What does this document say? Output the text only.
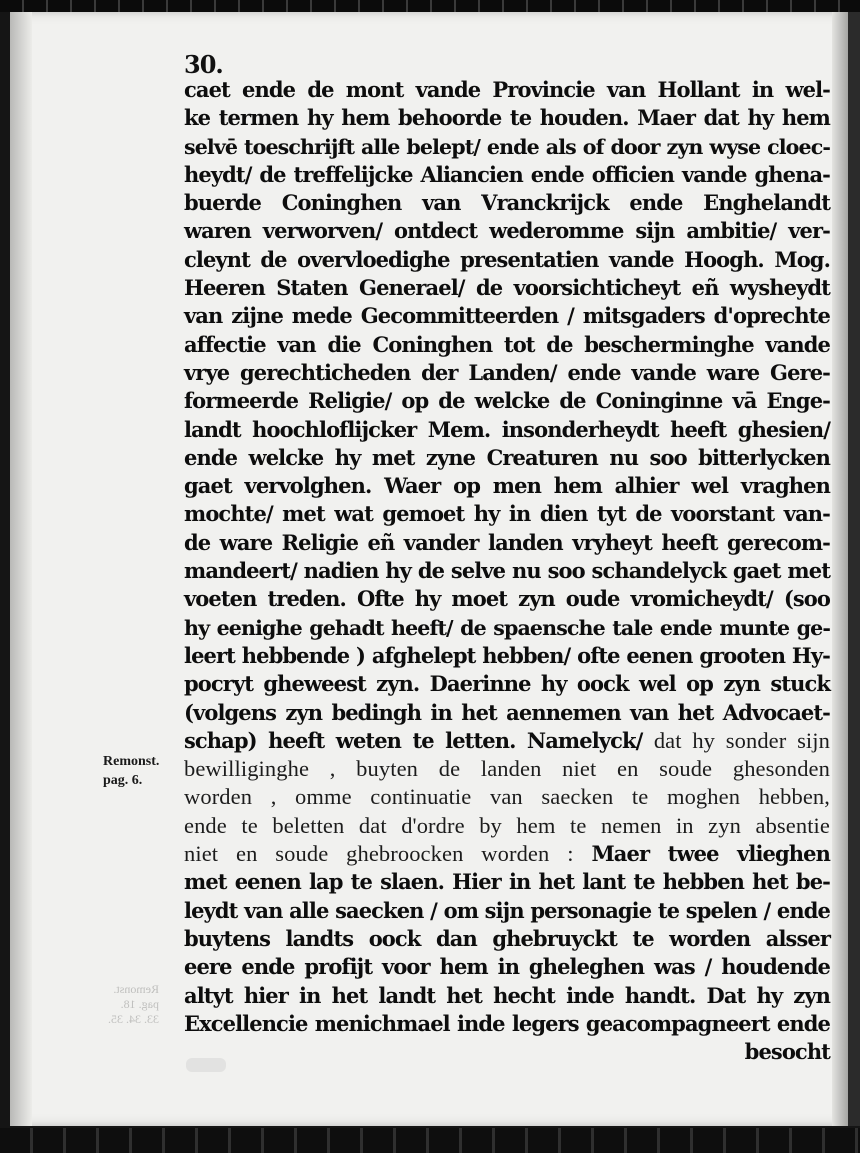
30.
Remonst.
pag. 6.
Remonst.
pag. 18.
33. 34. 35.
caet ende de mont vande Provincie van Hollant in wel-
ke termen hy hem behoorde te houden. Maer dat hy hem
selvē toeschrijft alle belept/ ende als of door zyn wyse cloec-
heydt/ de treffelijcke Aliancien ende officien vande ghena-
buerde Coninghen van Vranckrijck ende Enghelandt
waren verworven/ ontdect wederomme sijn ambitie/ ver-
cleynt de overvloedighe presentatien vande Hoogh. Mog.
Heeren Staten Generael/ de voorsichticheyt eñ wysheydt
van zijne mede Gecommitteerden / mitsgaders d'oprechte
affectie van die Coninghen tot de bescherminghe vande
vrye gerechticheden der Landen/ ende vande ware Gere-
formeerde Religie/ op de welcke de Coninginne vā Enge-
landt hoochloflijcker Mem. insonderheydt heeft ghesien/
ende welcke hy met zyne Creaturen nu soo bitterlycken
gaet vervolghen. Waer op men hem alhier wel vraghen
mochte/ met wat gemoet hy in dien tyt de voorstant van-
de ware Religie eñ vander landen vryheyt heeft gerecom-
mandeert/ nadien hy de selve nu soo schandelyck gaet met
voeten treden. Ofte hy moet zyn oude vromicheydt/ (soo
hy eenighe gehadt heeft/ de spaensche tale ende munte ge-
leert hebbende ) afghelept hebben/ ofte eenen grooten Hy-
pocryt gheweest zyn. Daerinne hy oock wel op zyn stuck
(volgens zyn bedingh in het aennemen van het Advocaet-
schap) heeft weten te letten. Namelyck/ dat hy sonder sijn
bewilliginghe , buyten de landen niet en soude ghesonden
worden , omme continuatie van saecken te moghen hebben,
ende te beletten dat d'ordre by hem te nemen in zyn absentie
niet en soude ghebroocken worden : Maer twee vlieghen
met eenen lap te slaen. Hier in het lant te hebben het be-
leydt van alle saecken / om sijn personagie te spelen / ende
buytens landts oock dan ghebruyckt te worden alsser
eere ende profijt voor hem in gheleghen was / houdende
altyt hier in het landt het hecht inde handt. Dat hy zyn
Excellencie menichmael inde legers geacompagneert ende
besocht
